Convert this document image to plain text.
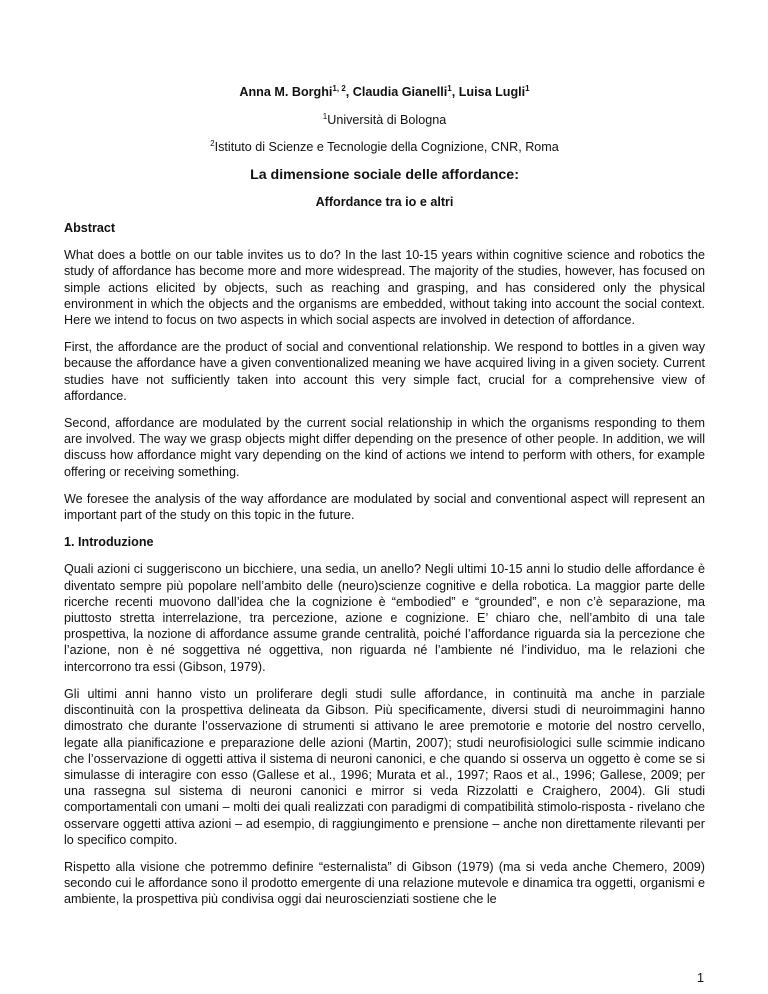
Anna M. Borghi$^{1, 2}$, Claudia Gianelli$^1$, Luisa Lugli$^1$

$^1$Università di Bologna

$^2$Istituto di Scienze e Tecnologie della Cognizione, CNR, Roma

La dimensione sociale delle affordance:

Affordance tra io e altri

Abstract

What does a bottle on our table invites us to do? In the last 10-15 years within cognitive science and robotics the study of affordance has become more and more widespread. The majority of the studies, however, has focused on simple actions elicited by objects, such as reaching and grasping, and has considered only the physical environment in which the objects and the organisms are embedded, without taking into account the social context. Here we intend to focus on two aspects in which social aspects are involved in detection of affordance.

First, the affordance are the product of social and conventional relationship. We respond to bottles in a given way because the affordance have a given conventionalized meaning we have acquired living in a given society. Current studies have not sufficiently taken into account this very simple fact, crucial for a comprehensive view of affordance.

Second, affordance are modulated by the current social relationship in which the organisms responding to them are involved. The way we grasp objects might differ depending on the presence of other people. In addition, we will discuss how affordance might vary depending on the kind of actions we intend to perform with others, for example offering or receiving something.

We foresee the analysis of the way affordance are modulated by social and conventional aspect will represent an important part of the study on this topic in the future.

1. Introduzione

Quali azioni ci suggeriscono un bicchiere, una sedia, un anello? Negli ultimi 10-15 anni lo studio delle affordance è diventato sempre più popolare nell’ambito delle (neuro)scienze cognitive e della robotica. La maggior parte delle ricerche recenti muovono dall’idea che la cognizione è “embodied” e “grounded”, e non c’è separazione, ma piuttosto stretta interrelazione, tra percezione, azione e cognizione. E’ chiaro che, nell’ambito di una tale prospettiva, la nozione di affordance assume grande centralità, poiché l’affordance riguarda sia la percezione che l’azione, non è né soggettiva né oggettiva, non riguarda né l’ambiente né l’individuo, ma le relazioni che intercorrono tra essi (Gibson, 1979).

Gli ultimi anni hanno visto un proliferare degli studi sulle affordance, in continuità ma anche in parziale discontinuità con la prospettiva delineata da Gibson. Più specificamente, diversi studi di neuroimmagini hanno dimostrato che durante l’osservazione di strumenti si attivano le aree premotorie e motorie del nostro cervello, legate alla pianificazione e preparazione delle azioni (Martin, 2007); studi neurofisiologici sulle scimmie indicano che l’osservazione di oggetti attiva il sistema di neuroni canonici, e che quando si osserva un oggetto è come se si simulasse di interagire con esso (Gallese et al., 1996; Murata et al., 1997; Raos et al., 1996; Gallese, 2009; per una rassegna sul sistema di neuroni canonici e mirror si veda Rizzolatti e Craighero, 2004). Gli studi comportamentali con umani – molti dei quali realizzati con paradigmi di compatibilità stimolo-risposta - rivelano che osservare oggetti attiva azioni – ad esempio, di raggiungimento e prensione – anche non direttamente rilevanti per lo specifico compito.

Rispetto alla visione che potremmo definire “esternalista” di Gibson (1979) (ma si veda anche Chemero, 2009) secondo cui le affordance sono il prodotto emergente di una relazione mutevole e dinamica tra oggetti, organismi e ambiente, la prospettiva più condivisa oggi dai neuroscienziati sostiene che le

1
